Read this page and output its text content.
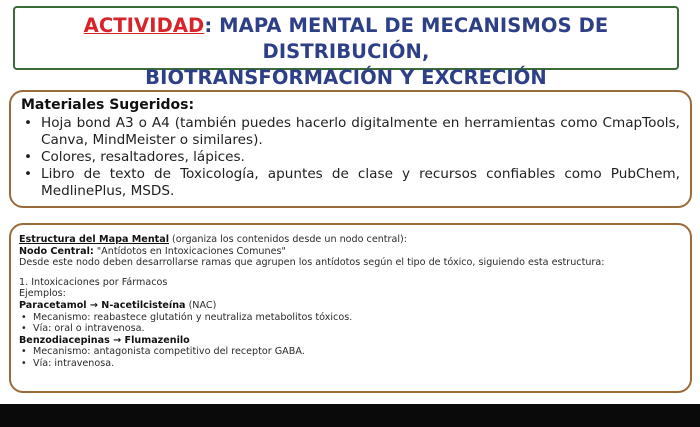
ACTIVIDAD: MAPA MENTAL DE MECANISMOS DE DISTRIBUCIÓN,
BIOTRANSFORMACIÓN Y EXCRECIÓN
Materiales Sugeridos:
• Hoja bond A3 o A4 (también puedes hacerlo digitalmente en herramientas como CmapTools, Canva, MindMeister o similares).
• Colores, resaltadores, lápices.
• Libro de texto de Toxicología, apuntes de clase y recursos confiables como PubChem, MedlinePlus, MSDS.
Estructura del Mapa Mental (organiza los contenidos desde un nodo central):
Nodo Central: "Antídotos en Intoxicaciones Comunes"
Desde este nodo deben desarrollarse ramas que agrupen los antídotos según el tipo de tóxico, siguiendo esta estructura:
1. Intoxicaciones por Fármacos
Ejemplos:
Paracetamol → N-acetilcisteína (NAC)
• Mecanismo: reabastece glutatión y neutraliza metabolitos tóxicos.
• Vía: oral o intravenosa.
Benzodiacepinas → Flumazenilo
• Mecanismo: antagonista competitivo del receptor GABA.
• Vía: intravenosa.
